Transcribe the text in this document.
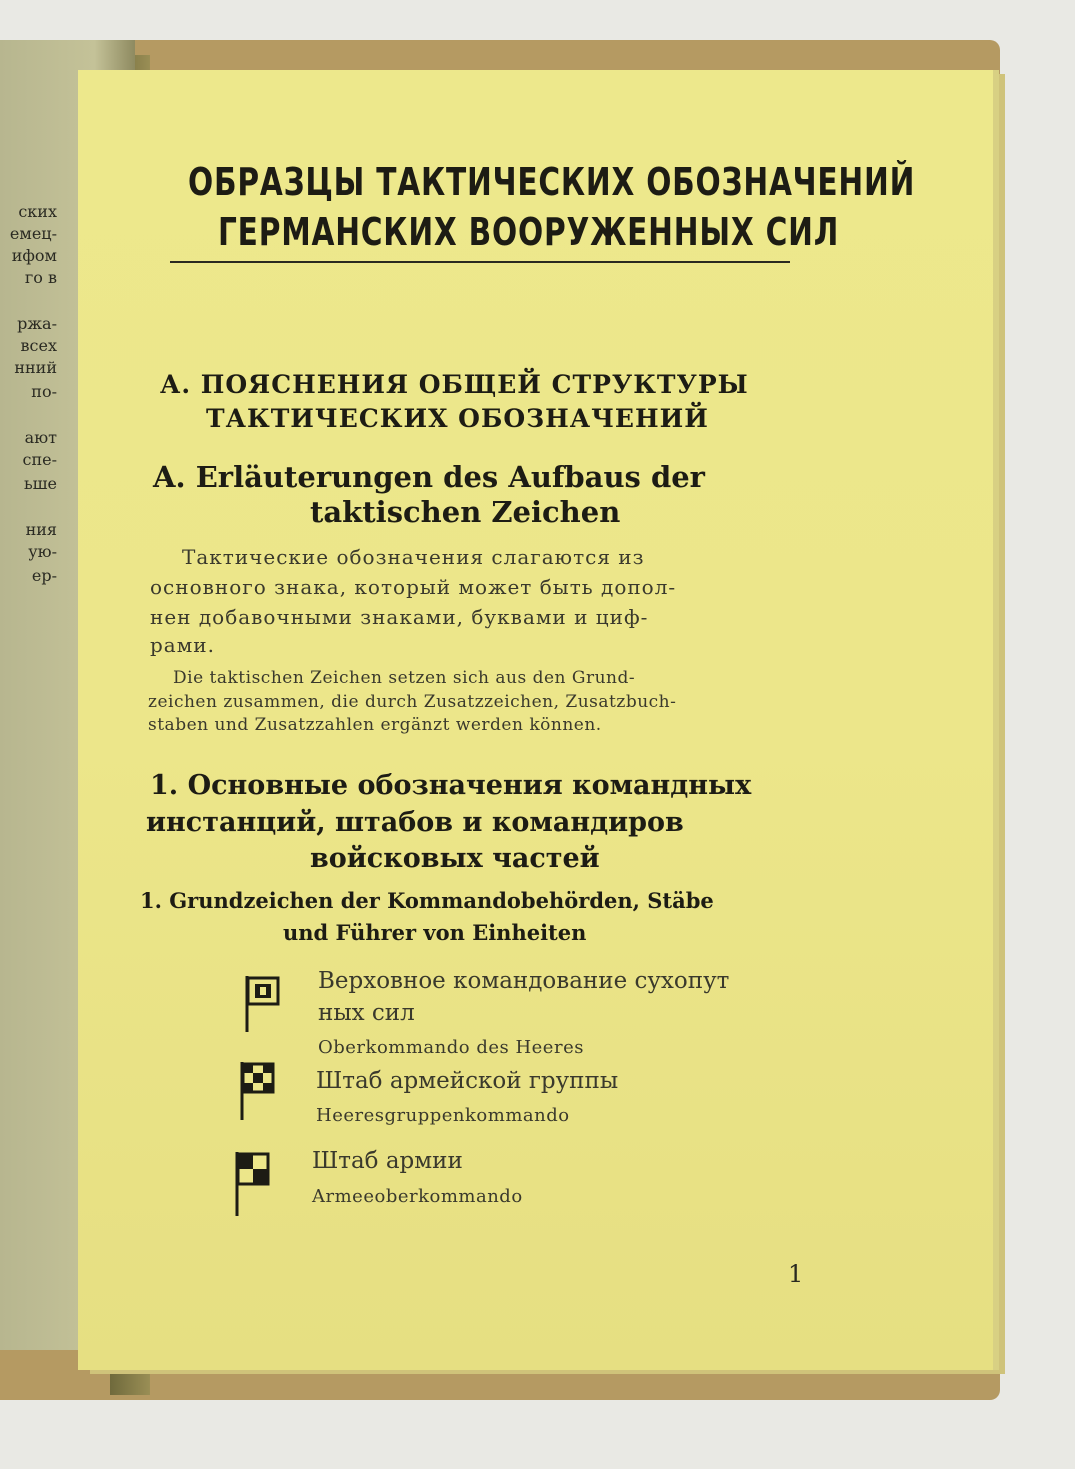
ских
емец-
ифом
го в
ржа-
всех
нний
по-
ают
спе-
ьше
ния
ую-
ер-
ОБРАЗЦЫ ТАКТИЧЕСКИХ ОБОЗНАЧЕНИЙ
ГЕРМАНСКИХ ВООРУЖЕННЫХ СИЛ
А. ПОЯСНЕНИЯ ОБЩЕЙ СТРУКТУРЫ
ТАКТИЧЕСКИХ ОБОЗНАЧЕНИЙ
A. Erläuterungen des Aufbaus der
taktischen Zeichen
Тактические обозначения слагаются из
основного знака, который может быть допол-
нен добавочными знаками, буквами и циф-
рами.
Die taktischen Zeichen setzen sich aus den Grund-
zeichen zusammen, die durch Zusatzzeichen, Zusatzbuch-
staben und Zusatzzahlen ergänzt werden können.
1. Основные обозначения командных
инстанций, штабов и командиров
войсковых частей
1. Grundzeichen der Kommandobehörden, Stäbe
und Führer von Einheiten
Верховное командование сухопут
ных сил
Oberkommando des Heeres
Штаб армейской группы
Heeresgruppenkommando
Штаб армии
Armeeoberkommando
1
